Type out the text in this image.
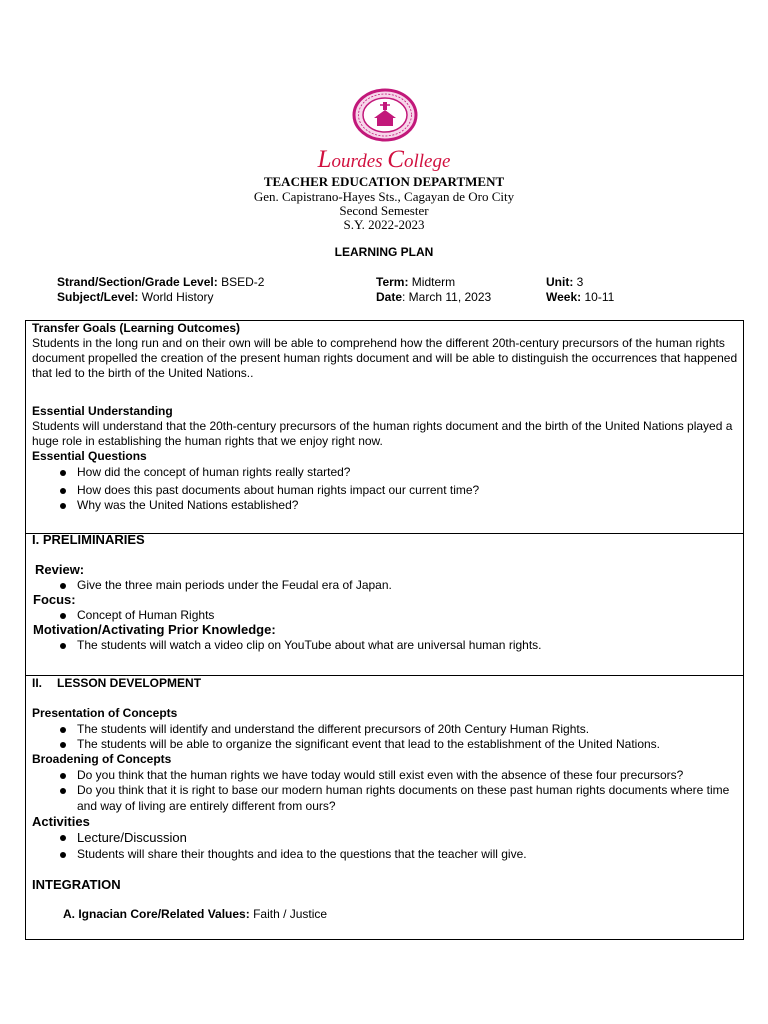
Lourdes College
TEACHER EDUCATION DEPARTMENT
Gen. Capistrano-Hayes Sts., Cagayan de Oro City
Second Semester
S.Y. 2022-2023
LEARNING PLAN
Strand/Section/Grade Level: BSED-2
Subject/Level: World History
Term: Midterm
Date: March 11, 2023
Unit: 3
Week: 10-11
Transfer Goals (Learning Outcomes)
Students in the long run and on their own will be able to comprehend how the different 20th-century precursors of the human rights document propelled the creation of the present human rights document and will be able to distinguish the occurrences that happened that led to the birth of the United Nations..
Essential Understanding
Students will understand that the 20th-century precursors of the human rights document and the birth of the United Nations played a huge role in establishing the human rights that we enjoy right now.
Essential Questions
How did the concept of human rights really started?
How does this past documents about human rights impact our current time?
Why was the United Nations established?
I. PRELIMINARIES
Review:
Give the three main periods under the Feudal era of Japan.
Focus:
Concept of Human Rights
Motivation/Activating Prior Knowledge:
The students will watch a video clip on YouTube about what are universal human rights.
II. LESSON DEVELOPMENT
Presentation of Concepts
The students will identify and understand the different precursors of 20th Century Human Rights.
The students will be able to organize the significant event that lead to the establishment of the United Nations.
Broadening of Concepts
Do you think that the human rights we have today would still exist even with the absence of these four precursors?
Do you think that it is right to base our modern human rights documents on these past human rights documents where time
and way of living are entirely different from ours?
Activities
Lecture/Discussion
Students will share their thoughts and idea to the questions that the teacher will give.
INTEGRATION
A. Ignacian Core/Related Values: Faith / Justice
